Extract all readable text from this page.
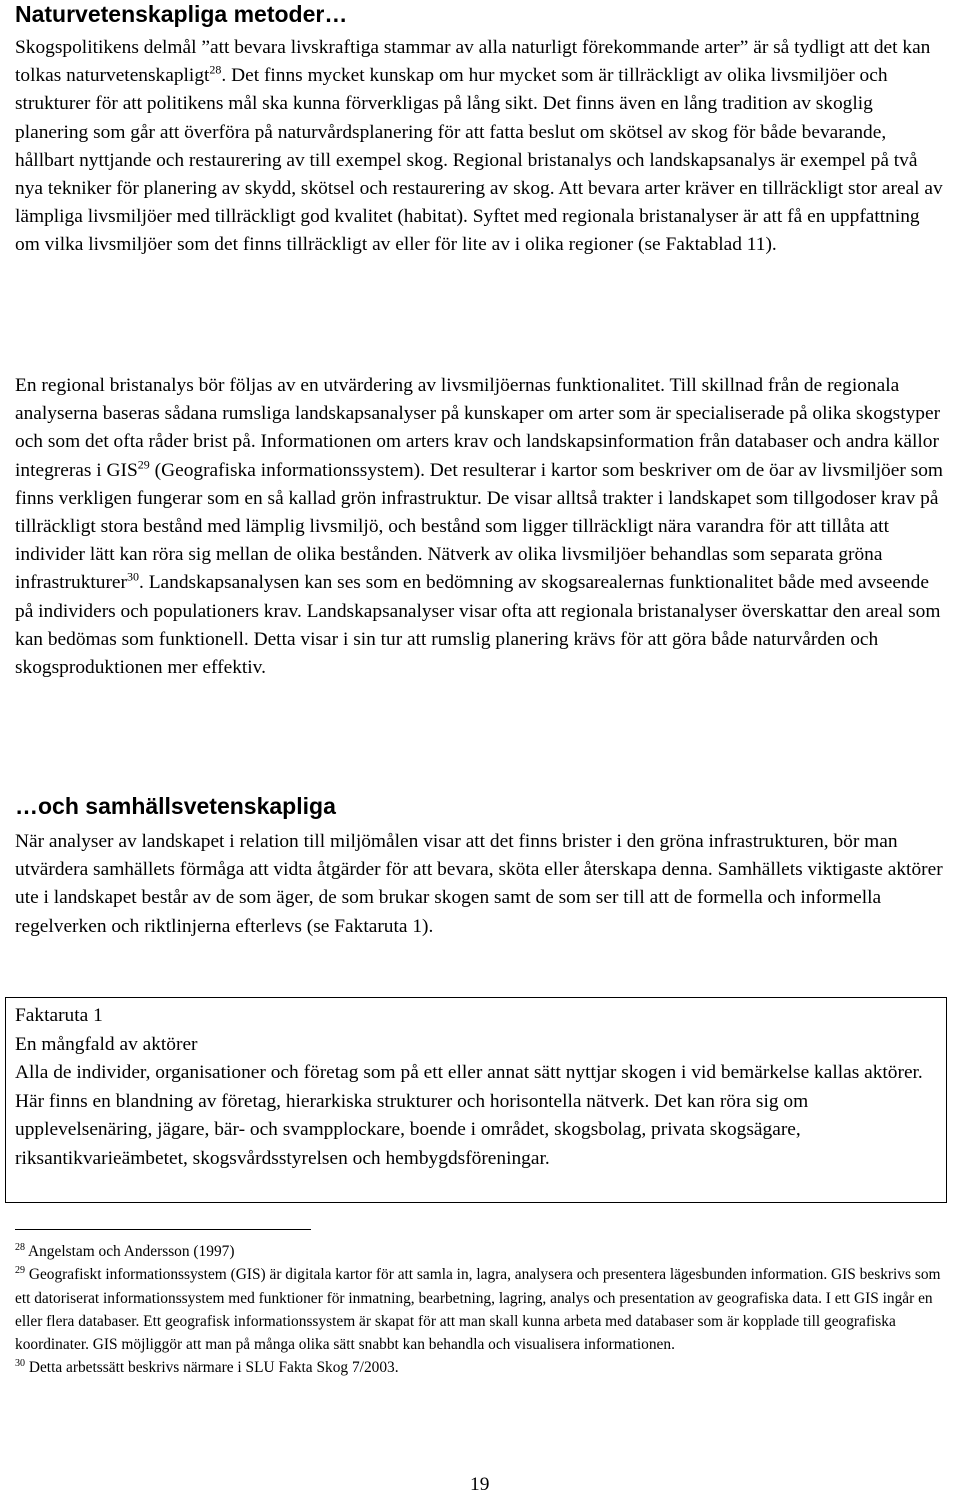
Naturvetenskapliga metoder…

Skogspolitikens delmål ”att bevara livskraftiga stammar av alla naturligt förekommande arter” är så tydligt att det kan tolkas naturvetenskapligt$^{28}$. Det finns mycket kunskap om hur mycket som är tillräckligt av olika livsmiljöer och strukturer för att politikens mål ska kunna förverkligas på lång sikt. Det finns även en lång tradition av skoglig planering som går att överföra på naturvårdsplanering för att fatta beslut om skötsel av skog för både bevarande, hållbart nyttjande och restaurering av till exempel skog. Regional bristanalys och landskapsanalys är exempel på två nya tekniker för planering av skydd, skötsel och restaurering av skog. Att bevara arter kräver en tillräckligt stor areal av lämpliga livsmiljöer med tillräckligt god kvalitet (habitat). Syftet med regionala bristanalyser är att få en uppfattning om vilka livsmiljöer som det finns tillräckligt av eller för lite av i olika regioner (se Faktablad 11).

En regional bristanalys bör följas av en utvärdering av livsmiljöernas funktionalitet. Till skillnad från de regionala analyserna baseras sådana rumsliga landskapsanalyser på kunskaper om arter som är specialiserade på olika skogstyper och som det ofta råder brist på. Informationen om arters krav och landskapsinformation från databaser och andra källor integreras i GIS$^{29}$ (Geografiska informationssystem). Det resulterar i kartor som beskriver om de öar av livsmiljöer som finns verkligen fungerar som en så kallad grön infrastruktur. De visar alltså trakter i landskapet som tillgodoser krav på tillräckligt stora bestånd med lämplig livsmiljö, och bestånd som ligger tillräckligt nära varandra för att tillåta att individer lätt kan röra sig mellan de olika bestånden. Nätverk av olika livsmiljöer behandlas som separata gröna infrastrukturer$^{30}$. Landskapsanalysen kan ses som en bedömning av skogsarealernas funktionalitet både med avseende på individers och populationers krav. Landskapsanalyser visar ofta att regionala bristanalyser överskattar den areal som kan bedömas som funktionell. Detta visar i sin tur att rumslig planering krävs för att göra både naturvården och skogsproduktionen mer effektiv.

…och samhällsvetenskapliga

När analyser av landskapet i relation till miljömålen visar att det finns brister i den gröna infrastrukturen, bör man utvärdera samhällets förmåga att vidta åtgärder för att bevara, sköta eller återskapa denna. Samhällets viktigaste aktörer ute i landskapet består av de som äger, de som brukar skogen samt de som ser till att de formella och informella regelverken och riktlinjerna efterlevs (se Faktaruta 1).

Faktaruta 1

En mångfald av aktörer

Alla de individer, organisationer och företag som på ett eller annat sätt nyttjar skogen i vid bemärkelse kallas aktörer. Här finns en blandning av företag, hierarkiska strukturer och horisontella nätverk. Det kan röra sig om upplevelsenäring, jägare, bär- och svampplockare, boende i området, skogsbolag, privata skogsägare, riksantikvarieämbetet, skogsvårdsstyrelsen och hembygdsföreningar.

$^{28}$ Angelstam och Andersson (1997)

$^{29}$ Geografiskt informationssystem (GIS) är digitala kartor för att samla in, lagra, analysera och presentera lägesbunden information. GIS beskrivs som ett datoriserat informationssystem med funktioner för inmatning, bearbetning, lagring, analys och presentation av geografiska data. I ett GIS ingår en eller flera databaser. Ett geografisk informationssystem är skapat för att man skall kunna arbeta med databaser som är kopplade till geografiska koordinater. GIS möjliggör att man på många olika sätt snabbt kan behandla och visualisera informationen.

$^{30}$ Detta arbetssätt beskrivs närmare i SLU Fakta Skog 7/2003.

19
